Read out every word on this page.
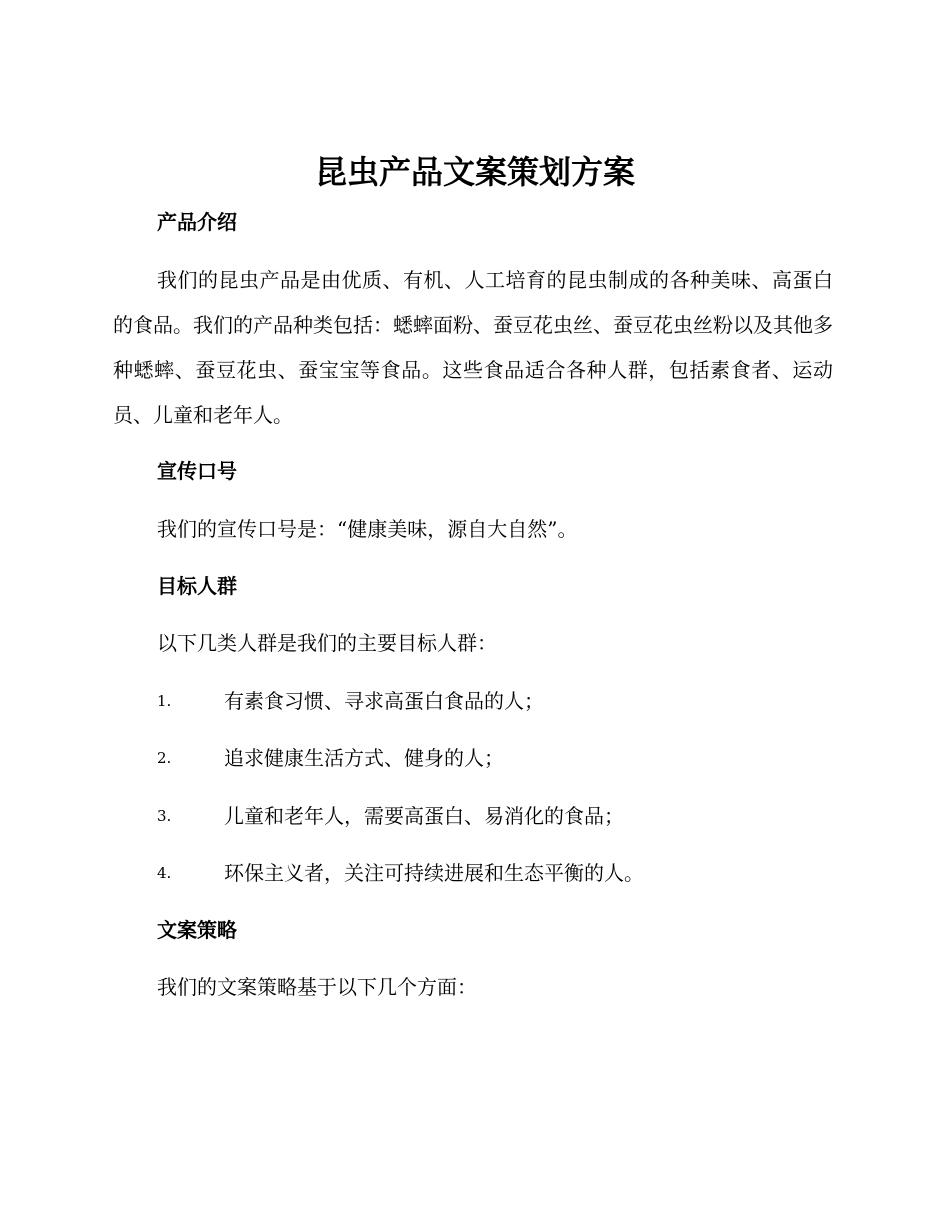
昆虫产品文案策划方案
产品介绍

我们的昆虫产品是由优质、有机、人工培育的昆虫制成的各种美味、高蛋白的食品。我们的产品种类包括：蟋蟀面粉、蚕豆花虫丝、蚕豆花虫丝粉以及其他多种蟋蟀、蚕豆花虫、蚕宝宝等食品。这些食品适合各种人群，包括素食者、运动员、儿童和老年人。

宣传口号
我们的宣传口号是：“健康美味，源自大自然”。
目标人群
以下几类人群是我们的主要目标人群：
1.	有素食习惯、寻求高蛋白食品的人；
2.	追求健康生活方式、健身的人；
3.	儿童和老年人，需要高蛋白、易消化的食品；
4.	环保主义者，关注可持续进展和生态平衡的人。
文案策略
我们的文案策略基于以下几个方面：
